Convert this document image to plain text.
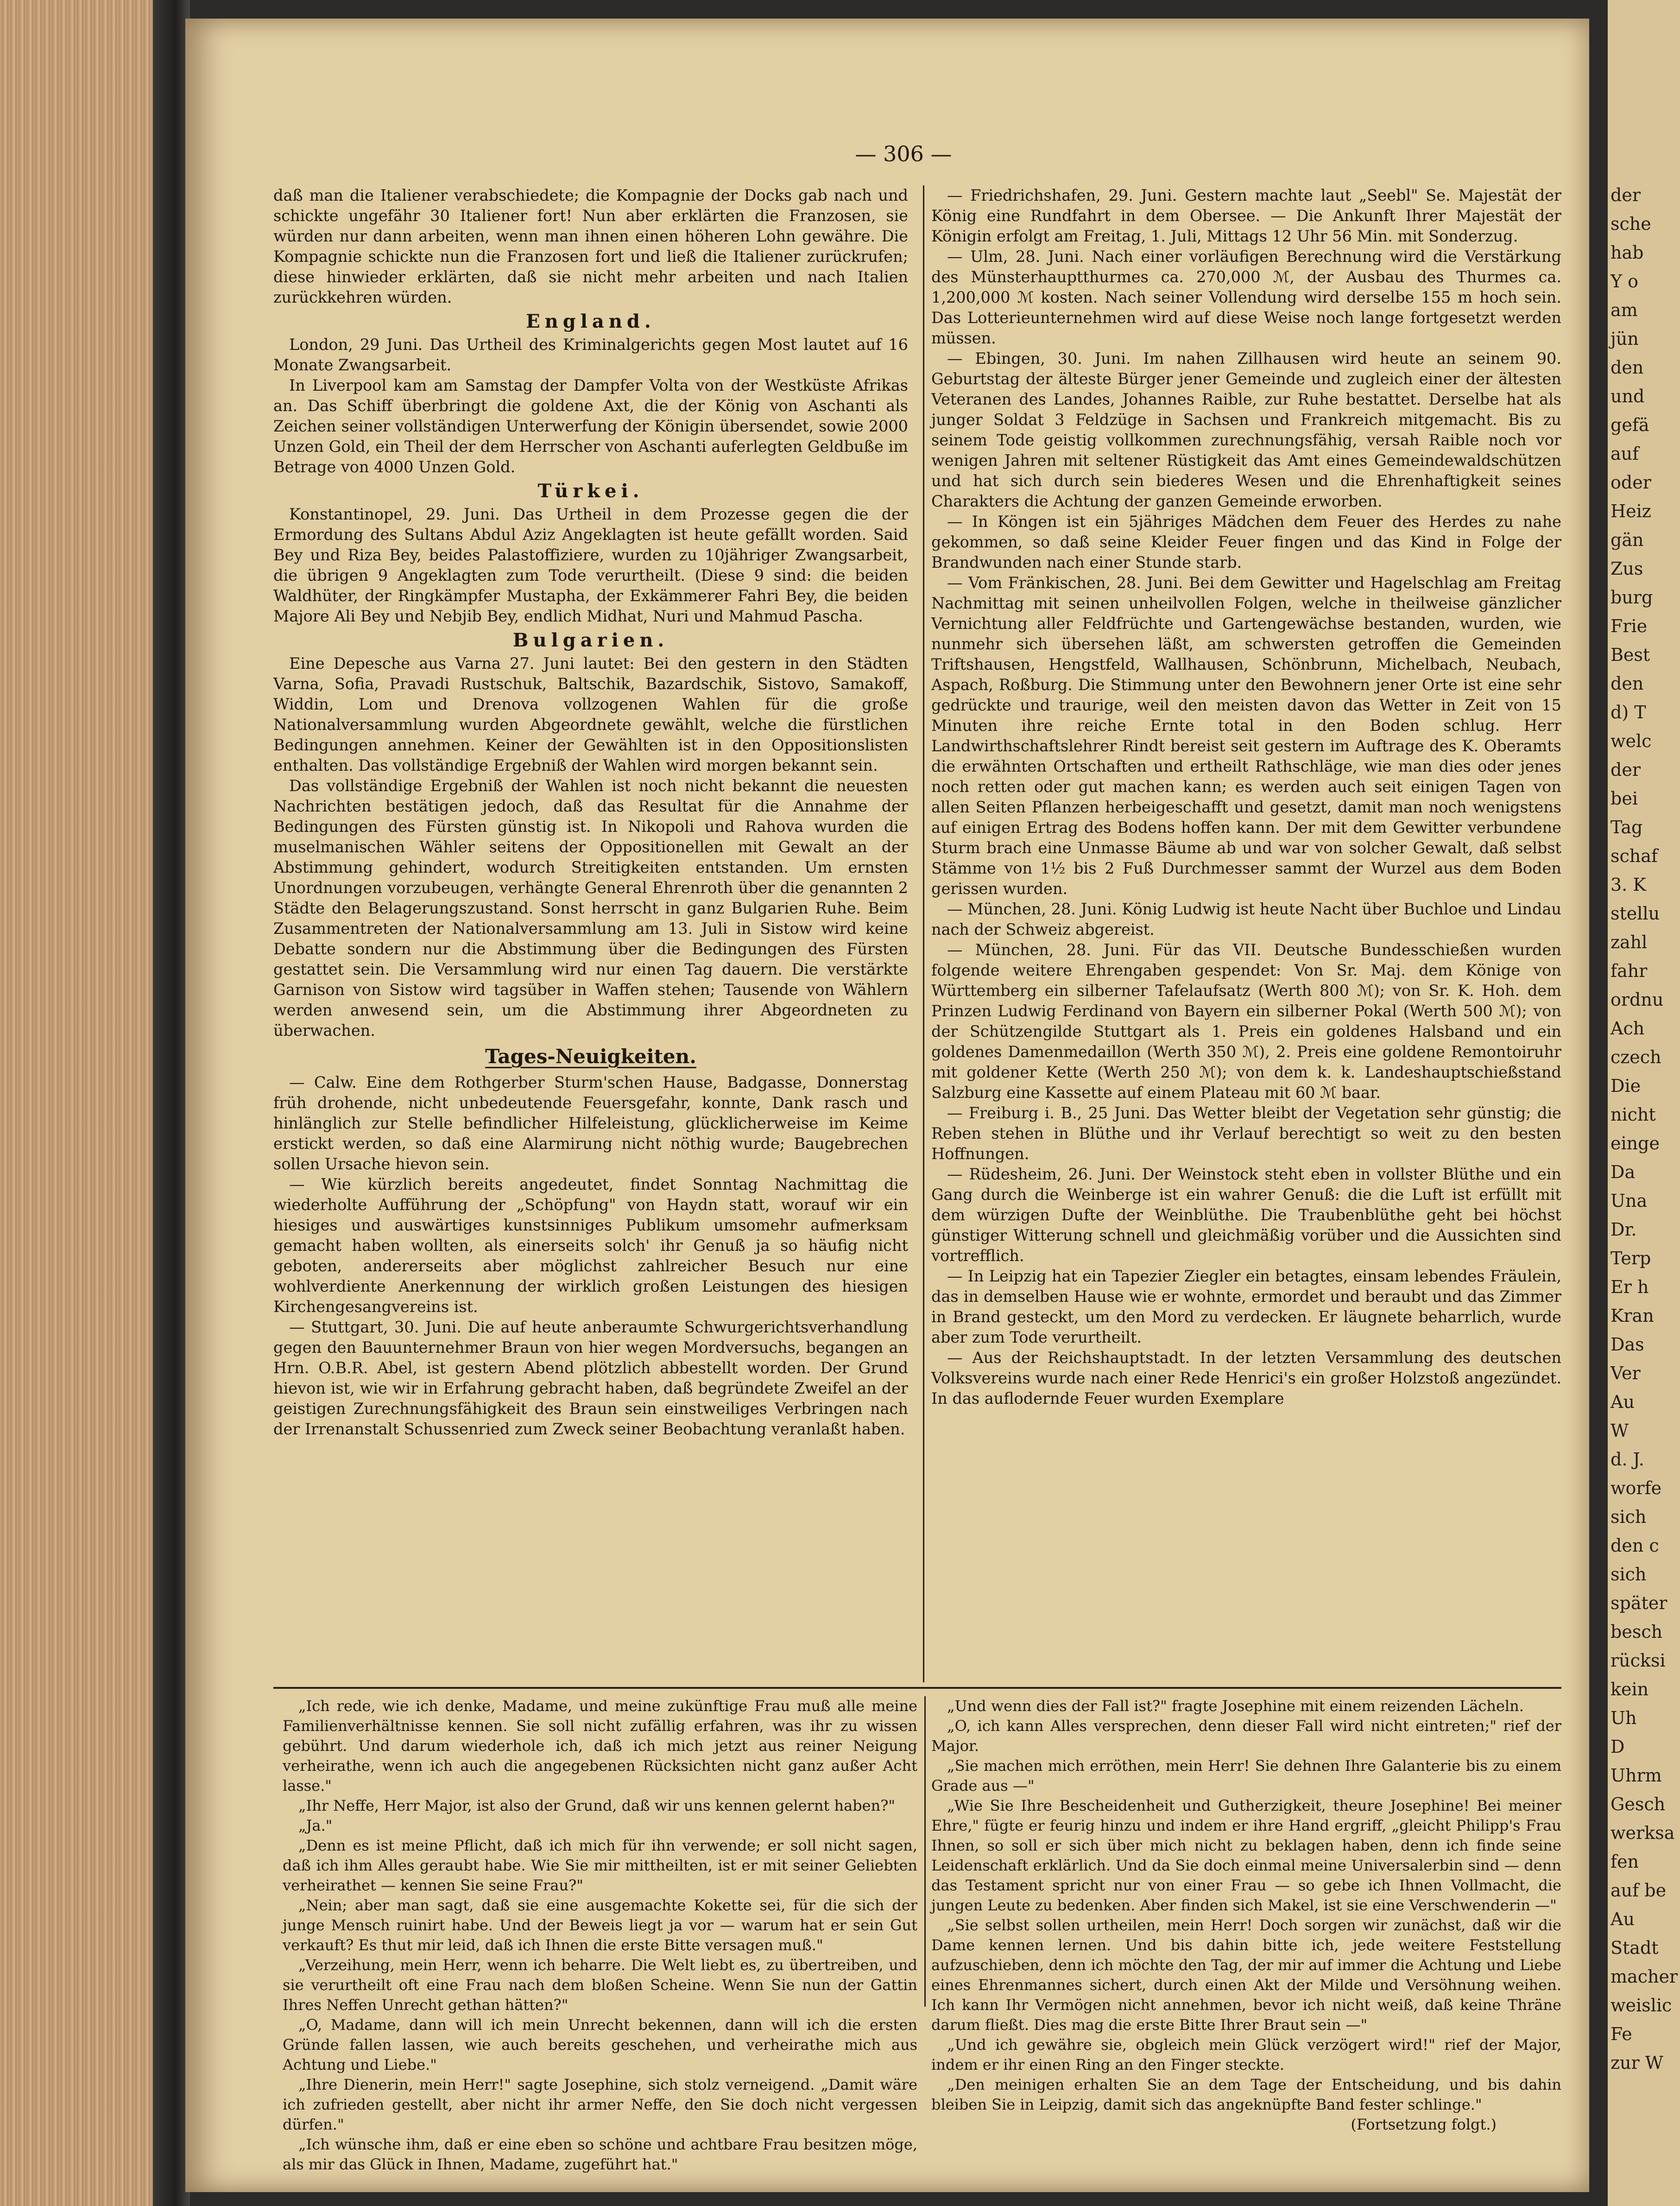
— 306 —

daß man die Italiener verabschiedete; die Kompagnie der Docks gab nach und schickte ungefähr 30 Italiener fort! Nun aber erklärten die Franzosen, sie würden nur dann arbeiten, wenn man ihnen einen höheren Lohn gewähre. Die Kompagnie schickte nun die Franzosen fort und ließ die Italiener zurückrufen; diese hinwieder erklärten, daß sie nicht mehr arbeiten und nach Italien zurückkehren würden.

England.

London, 29 Juni. Das Urtheil des Kriminalgerichts gegen Most lautet auf 16 Monate Zwangsarbeit.

In Liverpool kam am Samstag der Dampfer Volta von der Westküste Afrikas an. Das Schiff überbringt die goldene Axt, die der König von Aschanti als Zeichen seiner vollständigen Unterwerfung der Königin übersendet, sowie 2000 Unzen Gold, ein Theil der dem Herrscher von Aschanti auferlegten Geldbuße im Betrage von 4000 Unzen Gold.

Türkei.

Konstantinopel, 29. Juni. Das Urtheil in dem Prozesse gegen die der Ermordung des Sultans Abdul Aziz Angeklagten ist heute gefällt worden. Said Bey und Riza Bey, beides Palastoffiziere, wurden zu 10jähriger Zwangsarbeit, die übrigen 9 Angeklagten zum Tode verurtheilt. (Diese 9 sind: die beiden Waldhüter, der Ringkämpfer Mustapha, der Exkämmerer Fahri Bey, die beiden Majore Ali Bey und Nebjib Bey, endlich Midhat, Nuri und Mahmud Pascha.

Bulgarien.

Eine Depesche aus Varna 27. Juni lautet: Bei den gestern in den Städten Varna, Sofia, Pravadi Rustschuk, Baltschik, Bazardschik, Sistovo, Samakoff, Widdin, Lom und Drenova vollzogenen Wahlen für die große Nationalversammlung wurden Abgeordnete gewählt, welche die fürstlichen Bedingungen annehmen. Keiner der Gewählten ist in den Oppositionslisten enthalten. Das vollständige Ergebniß der Wahlen wird morgen bekannt sein.

Das vollständige Ergebniß der Wahlen ist noch nicht bekannt die neuesten Nachrichten bestätigen jedoch, daß das Resultat für die Annahme der Bedingungen des Fürsten günstig ist. In Nikopoli und Rahova wurden die muselmanischen Wähler seitens der Oppositionellen mit Gewalt an der Abstimmung gehindert, wodurch Streitigkeiten entstanden. Um ernsten Unordnungen vorzubeugen, verhängte General Ehrenroth über die genannten 2 Städte den Belagerungszustand. Sonst herrscht in ganz Bulgarien Ruhe. Beim Zusammentreten der Nationalversammlung am 13. Juli in Sistow wird keine Debatte sondern nur die Abstimmung über die Bedingungen des Fürsten gestattet sein. Die Versammlung wird nur einen Tag dauern. Die verstärkte Garnison von Sistow wird tagsüber in Waffen stehen; Tausende von Wählern werden anwesend sein, um die Abstimmung ihrer Abgeordneten zu überwachen.

Tages-Neuigkeiten.

— Calw. Eine dem Rothgerber Sturm'schen Hause, Badgasse, Donnerstag früh drohende, nicht unbedeutende Feuersgefahr, konnte, Dank rasch und hinlänglich zur Stelle befindlicher Hilfeleistung, glücklicherweise im Keime erstickt werden, so daß eine Alarmirung nicht nöthig wurde; Baugebrechen sollen Ursache hievon sein.

— Wie kürzlich bereits angedeutet, findet Sonntag Nachmittag die wiederholte Aufführung der „Schöpfung" von Haydn statt, worauf wir ein hiesiges und auswärtiges kunstsinniges Publikum umsomehr aufmerksam gemacht haben wollten, als einerseits solch' ihr Genuß ja so häufig nicht geboten, andererseits aber möglichst zahlreicher Besuch nur eine wohlverdiente Anerkennung der wirklich großen Leistungen des hiesigen Kirchengesangvereins ist.

— Stuttgart, 30. Juni. Die auf heute anberaumte Schwurgerichtsverhandlung gegen den Bauunternehmer Braun von hier wegen Mordversuchs, begangen an Hrn. O.B.R. Abel, ist gestern Abend plötzlich abbestellt worden. Der Grund hievon ist, wie wir in Erfahrung gebracht haben, daß begründete Zweifel an der geistigen Zurechnungsfähigkeit des Braun sein einstweiliges Verbringen nach der Irrenanstalt Schussenried zum Zweck seiner Beobachtung veranlaßt haben.

— Friedrichshafen, 29. Juni. Gestern machte laut „Seebl" Se. Majestät der König eine Rundfahrt in dem Obersee. — Die Ankunft Ihrer Majestät der Königin erfolgt am Freitag, 1. Juli, Mittags 12 Uhr 56 Min. mit Sonderzug.

— Ulm, 28. Juni. Nach einer vorläufigen Berechnung wird die Verstärkung des Münsterhauptthurmes ca. 270,000 ℳ, der Ausbau des Thurmes ca. 1,200,000 ℳ kosten. Nach seiner Vollendung wird derselbe 155 m hoch sein. Das Lotterieunternehmen wird auf diese Weise noch lange fortgesetzt werden müssen.

— Ebingen, 30. Juni. Im nahen Zillhausen wird heute an seinem 90. Geburtstag der älteste Bürger jener Gemeinde und zugleich einer der ältesten Veteranen des Landes, Johannes Raible, zur Ruhe bestattet. Derselbe hat als junger Soldat 3 Feldzüge in Sachsen und Frankreich mitgemacht. Bis zu seinem Tode geistig vollkommen zurechnungsfähig, versah Raible noch vor wenigen Jahren mit seltener Rüstigkeit das Amt eines Gemeindewaldschützen und hat sich durch sein biederes Wesen und die Ehrenhaftigkeit seines Charakters die Achtung der ganzen Gemeinde erworben.

— In Köngen ist ein 5jähriges Mädchen dem Feuer des Herdes zu nahe gekommen, so daß seine Kleider Feuer fingen und das Kind in Folge der Brandwunden nach einer Stunde starb.

— Vom Fränkischen, 28. Juni. Bei dem Gewitter und Hagelschlag am Freitag Nachmittag mit seinen unheilvollen Folgen, welche in theilweise gänzlicher Vernichtung aller Feldfrüchte und Gartengewächse bestanden, wurden, wie nunmehr sich übersehen läßt, am schwersten getroffen die Gemeinden Triftshausen, Hengstfeld, Wallhausen, Schönbrunn, Michelbach, Neubach, Aspach, Roßburg. Die Stimmung unter den Bewohnern jener Orte ist eine sehr gedrückte und traurige, weil den meisten davon das Wetter in Zeit von 15 Minuten ihre reiche Ernte total in den Boden schlug. Herr Landwirthschaftslehrer Rindt bereist seit gestern im Auftrage des K. Oberamts die erwähnten Ortschaften und ertheilt Rathschläge, wie man dies oder jenes noch retten oder gut machen kann; es werden auch seit einigen Tagen von allen Seiten Pflanzen herbeigeschafft und gesetzt, damit man noch wenigstens auf einigen Ertrag des Bodens hoffen kann. Der mit dem Gewitter verbundene Sturm brach eine Unmasse Bäume ab und war von solcher Gewalt, daß selbst Stämme von 1½ bis 2 Fuß Durchmesser sammt der Wurzel aus dem Boden gerissen wurden.

— München, 28. Juni. König Ludwig ist heute Nacht über Buchloe und Lindau nach der Schweiz abgereist.

— München, 28. Juni. Für das VII. Deutsche Bundesschießen wurden folgende weitere Ehrengaben gespendet: Von Sr. Maj. dem Könige von Württemberg ein silberner Tafelaufsatz (Werth 800 ℳ); von Sr. K. Hoh. dem Prinzen Ludwig Ferdinand von Bayern ein silberner Pokal (Werth 500 ℳ); von der Schützengilde Stuttgart als 1. Preis ein goldenes Halsband und ein goldenes Damenmedaillon (Werth 350 ℳ), 2. Preis eine goldene Remontoiruhr mit goldener Kette (Werth 250 ℳ); von dem k. k. Landeshauptschießstand Salzburg eine Kassette auf einem Plateau mit 60 ℳ baar.

— Freiburg i. B., 25 Juni. Das Wetter bleibt der Vegetation sehr günstig; die Reben stehen in Blüthe und ihr Verlauf berechtigt so weit zu den besten Hoffnungen.

— Rüdesheim, 26. Juni. Der Weinstock steht eben in vollster Blüthe und ein Gang durch die Weinberge ist ein wahrer Genuß: die die Luft ist erfüllt mit dem würzigen Dufte der Weinblüthe. Die Traubenblüthe geht bei höchst günstiger Witterung schnell und gleichmäßig vorüber und die Aussichten sind vortrefflich.

— In Leipzig hat ein Tapezier Ziegler ein betagtes, einsam lebendes Fräulein, das in demselben Hause wie er wohnte, ermordet und beraubt und das Zimmer in Brand gesteckt, um den Mord zu verdecken. Er läugnete beharrlich, wurde aber zum Tode verurtheilt.

— Aus der Reichshauptstadt. In der letzten Versammlung des deutschen Volksvereins wurde nach einer Rede Henrici's ein großer Holzstoß angezündet. In das auflodernde Feuer wurden Exemplare

„Ich rede, wie ich denke, Madame, und meine zukünftige Frau muß alle meine Familienverhältnisse kennen. Sie soll nicht zufällig erfahren, was ihr zu wissen gebührt. Und darum wiederhole ich, daß ich mich jetzt aus reiner Neigung verheirathe, wenn ich auch die angegebenen Rücksichten nicht ganz außer Acht lasse."

„Ihr Neffe, Herr Major, ist also der Grund, daß wir uns kennen gelernt haben?"

„Ja."

„Denn es ist meine Pflicht, daß ich mich für ihn verwende; er soll nicht sagen, daß ich ihm Alles geraubt habe. Wie Sie mir mittheilten, ist er mit seiner Geliebten verheirathet — kennen Sie seine Frau?"

„Nein; aber man sagt, daß sie eine ausgemachte Kokette sei, für die sich der junge Mensch ruinirt habe. Und der Beweis liegt ja vor — warum hat er sein Gut verkauft? Es thut mir leid, daß ich Ihnen die erste Bitte versagen muß."

„Verzeihung, mein Herr, wenn ich beharre. Die Welt liebt es, zu übertreiben, und sie verurtheilt oft eine Frau nach dem bloßen Scheine. Wenn Sie nun der Gattin Ihres Neffen Unrecht gethan hätten?"

„O, Madame, dann will ich mein Unrecht bekennen, dann will ich die ersten Gründe fallen lassen, wie auch bereits geschehen, und verheirathe mich aus Achtung und Liebe."

„Ihre Dienerin, mein Herr!" sagte Josephine, sich stolz verneigend. „Damit wäre ich zufrieden gestellt, aber nicht ihr armer Neffe, den Sie doch nicht vergessen dürfen."

„Ich wünsche ihm, daß er eine eben so schöne und achtbare Frau besitzen möge, als mir das Glück in Ihnen, Madame, zugeführt hat."

„Und wenn dies der Fall ist?" fragte Josephine mit einem reizenden Lächeln.

„O, ich kann Alles versprechen, denn dieser Fall wird nicht eintreten;" rief der Major.

„Sie machen mich erröthen, mein Herr! Sie dehnen Ihre Galanterie bis zu einem Grade aus —"

„Wie Sie Ihre Bescheidenheit und Gutherzigkeit, theure Josephine! Bei meiner Ehre," fügte er feurig hinzu und indem er ihre Hand ergriff, „gleicht Philipp's Frau Ihnen, so soll er sich über mich nicht zu beklagen haben, denn ich finde seine Leidenschaft erklärlich. Und da Sie doch einmal meine Universalerbin sind — denn das Testament spricht nur von einer Frau — so gebe ich Ihnen Vollmacht, die jungen Leute zu bedenken. Aber finden sich Makel, ist sie eine Verschwenderin —"

„Sie selbst sollen urtheilen, mein Herr! Doch sorgen wir zunächst, daß wir die Dame kennen lernen. Und bis dahin bitte ich, jede weitere Feststellung aufzuschieben, denn ich möchte den Tag, der mir auf immer die Achtung und Liebe eines Ehrenmannes sichert, durch einen Akt der Milde und Versöhnung weihen. Ich kann Ihr Vermögen nicht annehmen, bevor ich nicht weiß, daß keine Thräne darum fließt. Dies mag die erste Bitte Ihrer Braut sein —"

„Und ich gewähre sie, obgleich mein Glück verzögert wird!" rief der Major, indem er ihr einen Ring an den Finger steckte.

„Den meinigen erhalten Sie an dem Tage der Entscheidung, und bis dahin bleiben Sie in Leipzig, damit sich das angeknüpfte Band fester schlinge."

(Fortsetzung folgt.)

der
sche
hab
Y o
am
jün
den
und
gefä
auf
oder
Heiz
gän
Zus
burg
Frie
Best
den
d) T
welc
der
bei
Tag
schaf
3. K
stellu
zahl
fahr
ordnu
Ach
czech
Die
nicht
einge
Da
Una
Dr.
Terp
Er h
Kran
Das
Ver
Au
W
d. J.
worfe
sich
den c
sich
später
besch
rücksi
kein
Uh
D
Uhrm
Gesch
werksa
fen
auf be
Au
Stadt
macher
weislic
Fe
zur W
